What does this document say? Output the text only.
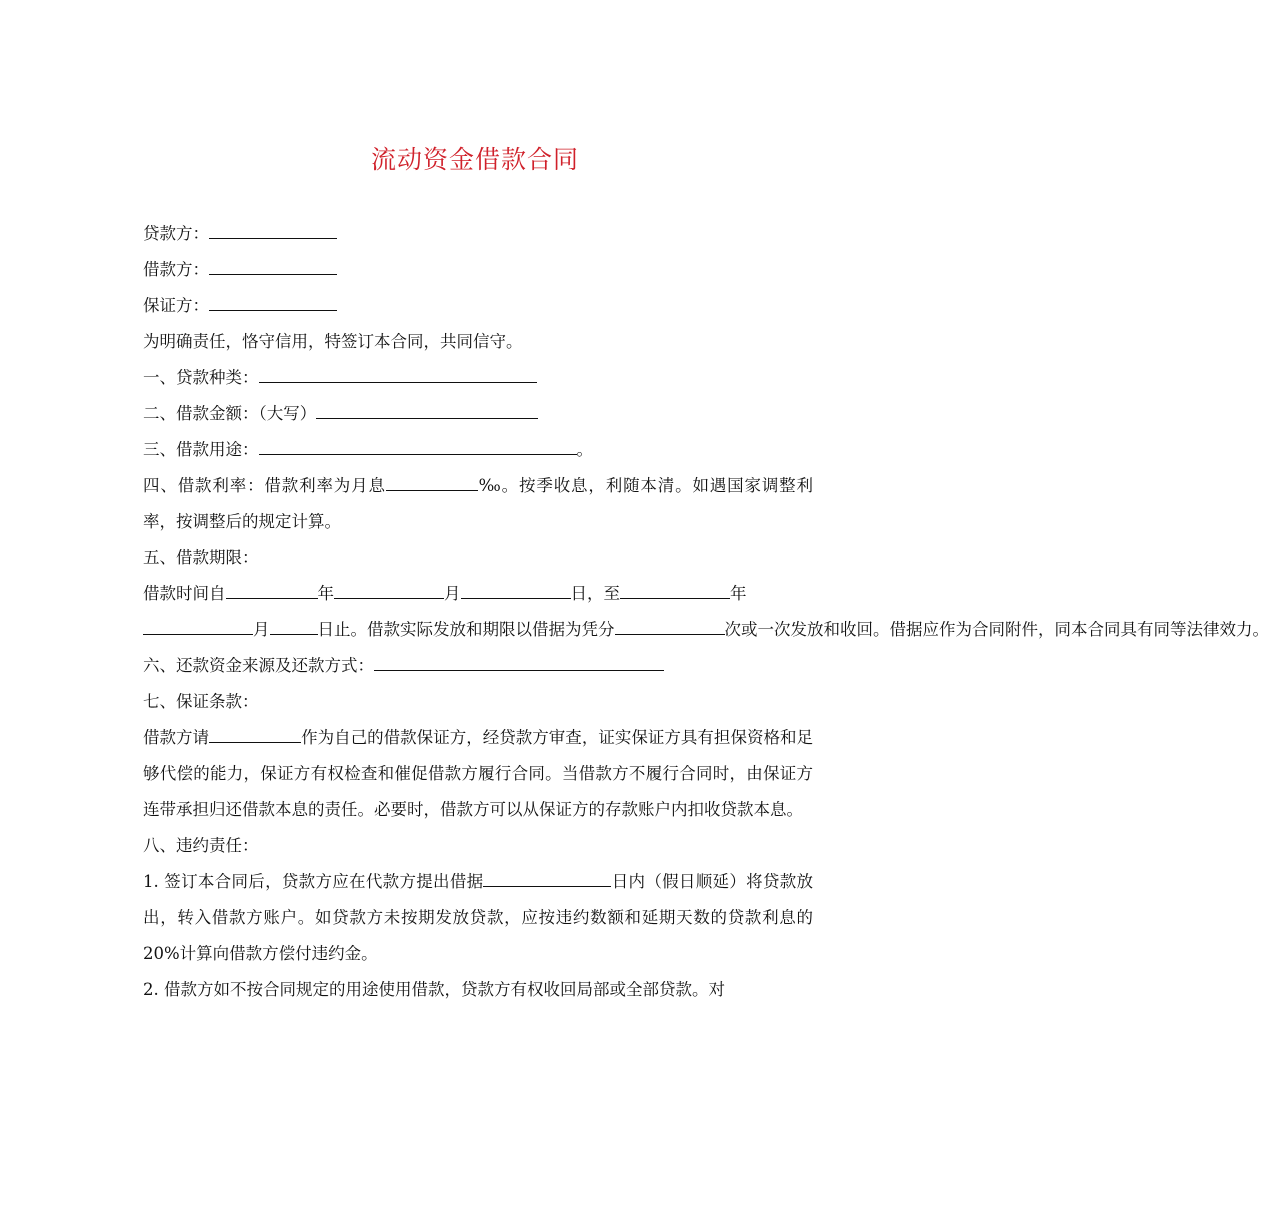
流动资金借款合同

贷款方：

借款方：

保证方：

为明确责任，恪守信用，特签订本合同，共同信守。

一、贷款种类：

二、借款金额：（大写）

三、借款用途：	。

四、借款利率：借款利率为月息	‰。按季收息，利随本清。如遇国家调整利率，按调整后的规定计算。

五、借款期限：

借款时间自	年	月	日，至	年

月	日止。借款实际发放和期限以借据为凭分	次或一次发放和收回。借据应作为合同附件，同本合同具有同等法律效力。

六、还款资金来源及还款方式：

七、保证条款：

借款方请	作为自己的借款保证方，经贷款方审查，证实保证方具有担保资格和足够代偿的能力，保证方有权检查和催促借款方履行合同。当借款方不履行合同时，由保证方连带承担归还借款本息的责任。必要时，借款方可以从保证方的存款账户内扣收贷款本息。

八、违约责任：

1. 签订本合同后，贷款方应在代款方提出借据	日内（假日顺延）将贷款放出，转入借款方账户。如贷款方未按期发放贷款，应按违约数额和延期天数的贷款利息的20%计算向借款方偿付违约金。

2. 借款方如不按合同规定的用途使用借款，贷款方有权收回局部或全部贷款。对
